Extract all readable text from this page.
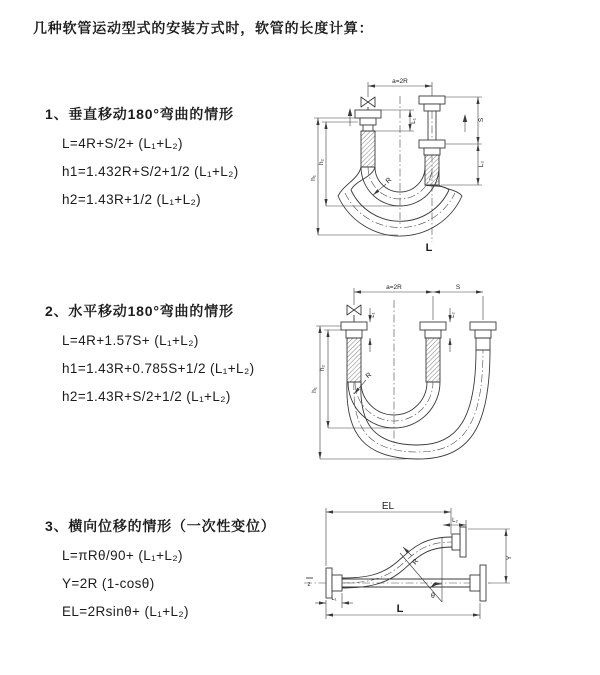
几种软管运动型式的安装方式时，软管的长度计算：
1、垂直移动180°弯曲的情形
L=4R+S/2+ (L₁+L₂)
h1=1.432R+S/2+1/2 (L₁+L₂)
h2=1.43R+1/2 (L₁+L₂)
2、水平移动180°弯曲的情形
L=4R+1.57S+ (L₁+L₂)
h1=1.43R+0.785S+1/2 (L₁+L₂)
h2=1.43R+S/2+1/2 (L₁+L₂)
3、横向位移的情形（一次性变位）
L=πRθ/90+ (L₁+L₂)
Y=2R (1-cosθ)
EL=2Rsinθ+ (L₁+L₂)
a=2R
S
L₂
L₁
h₁
h₂
R
L
a=2R	S
h₁
h₂
L₁	L₂
R
EL
L₂
Y
L
L₁
R
θ
z
